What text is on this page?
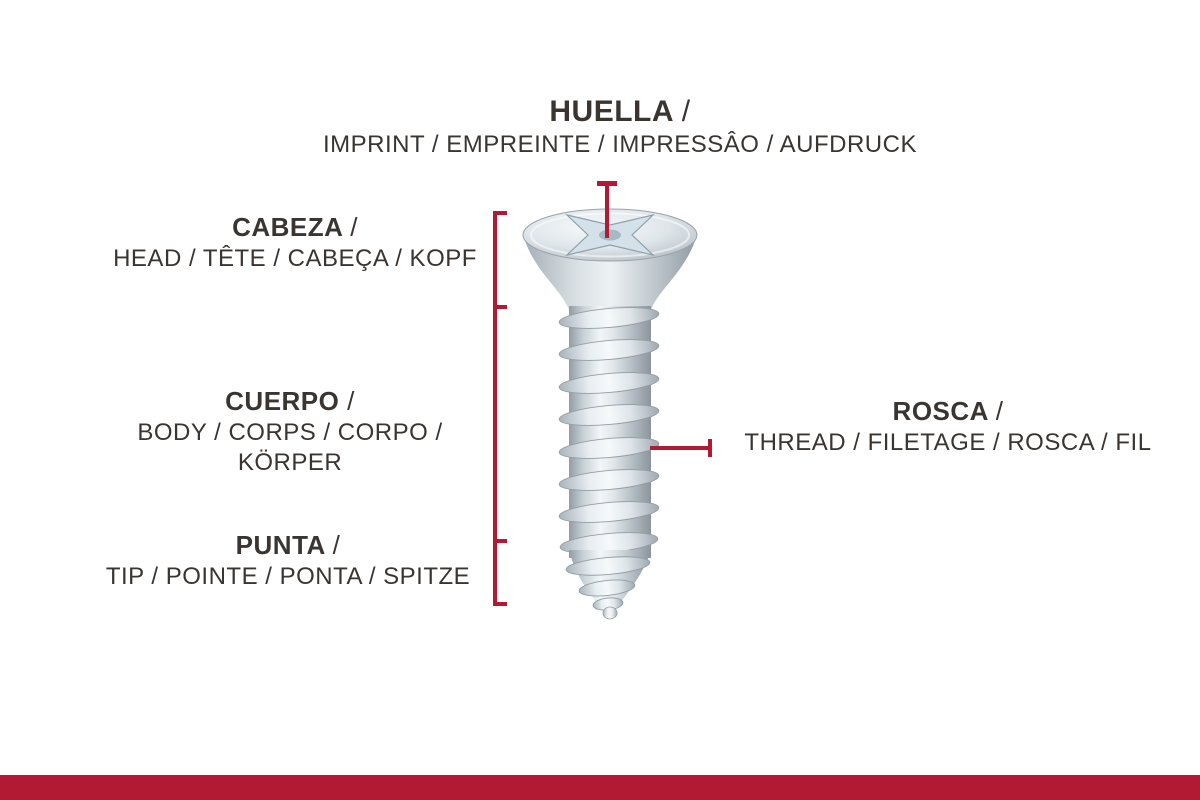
HUELLA /
IMPRINT / EMPREINTE / IMPRESSÂO / AUFDRUCK
CABEZA /
HEAD / TÊTE / CABEÇA / KOPF
CUERPO /
BODY / CORPS / CORPO /
KÖRPER
PUNTA /
TIP / POINTE / PONTA / SPITZE
ROSCA /
THREAD / FILETAGE / ROSCA / FIL
